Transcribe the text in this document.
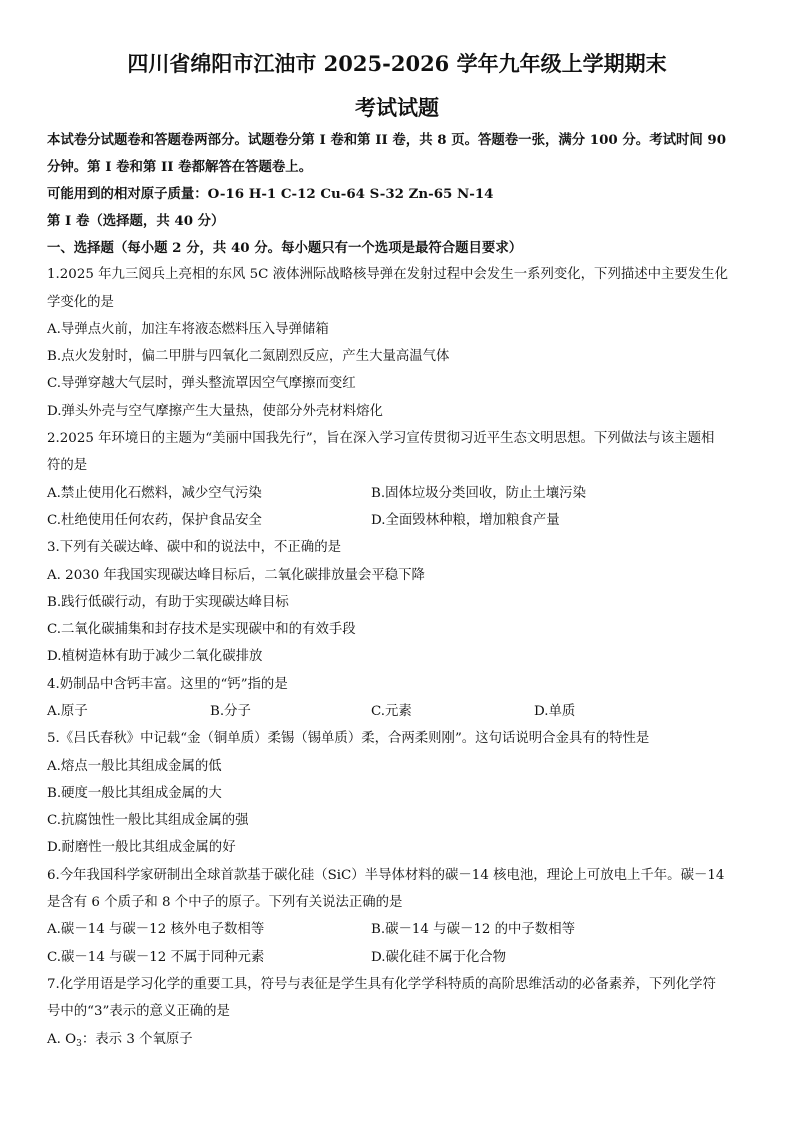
四川省绵阳市江油市 2025-2026 学年九年级上学期期末
考试试题
本试卷分试题卷和答题卷两部分。试题卷分第 I 卷和第 II 卷，共 8 页。答题卷一张，满分 100 分。考试时间 90
分钟。第 I 卷和第 II 卷都解答在答题卷上。
可能用到的相对原子质量：O-16 H-1 C-12 Cu-64 S-32 Zn-65 N-14
第 I 卷（选择题，共 40 分）
一、选择题（每小题 2 分，共 40 分。每小题只有一个选项是最符合题目要求）
1.2025 年九三阅兵上亮相的东风 5C 液体洲际战略核导弹在发射过程中会发生一系列变化，下列描述中主要发生化
学变化的是
A.导弹点火前，加注车将液态燃料压入导弹储箱
B.点火发射时，偏二甲肼与四氧化二氮剧烈反应，产生大量高温气体
C.导弹穿越大气层时，弹头整流罩因空气摩擦而变红
D.弹头外壳与空气摩擦产生大量热，使部分外壳材料熔化
2.2025 年环境日的主题为“美丽中国我先行”，旨在深入学习宣传贯彻习近平生态文明思想。下列做法与该主题相
符的是
A.禁止使用化石燃料，减少空气污染	B.固体垃圾分类回收，防止土壤污染
C.杜绝使用任何农药，保护食品安全	D.全面毁林种粮，增加粮食产量
3.下列有关碳达峰、碳中和的说法中，不正确的是
A. 2030 年我国实现碳达峰目标后，二氧化碳排放量会平稳下降
B.践行低碳行动，有助于实现碳达峰目标
C.二氧化碳捕集和封存技术是实现碳中和的有效手段
D.植树造林有助于减少二氧化碳排放
4.奶制品中含钙丰富。这里的“钙”指的是
A.原子	B.分子	C.元素	D.单质
5.《吕氏春秋》中记载“金（铜单质）柔锡（锡单质）柔，合两柔则刚”。这句话说明合金具有的特性是
A.熔点一般比其组成金属的低
B.硬度一般比其组成金属的大
C.抗腐蚀性一般比其组成金属的强
D.耐磨性一般比其组成金属的好
6.今年我国科学家研制出全球首款基于碳化硅（SiC）半导体材料的碳－14 核电池，理论上可放电上千年。碳－14
是含有 6 个质子和 8 个中子的原子。下列有关说法正确的是
A.碳－14 与碳－12 核外电子数相等	B.碳－14 与碳－12 的中子数相等
C.碳－14 与碳－12 不属于同种元素	D.碳化硅不属于化合物
7.化学用语是学习化学的重要工具，符号与表征是学生具有化学学科特质的高阶思维活动的必备素养，下列化学符
号中的“3”表示的意义正确的是
A. $O_3$：表示 3 个氧原子
